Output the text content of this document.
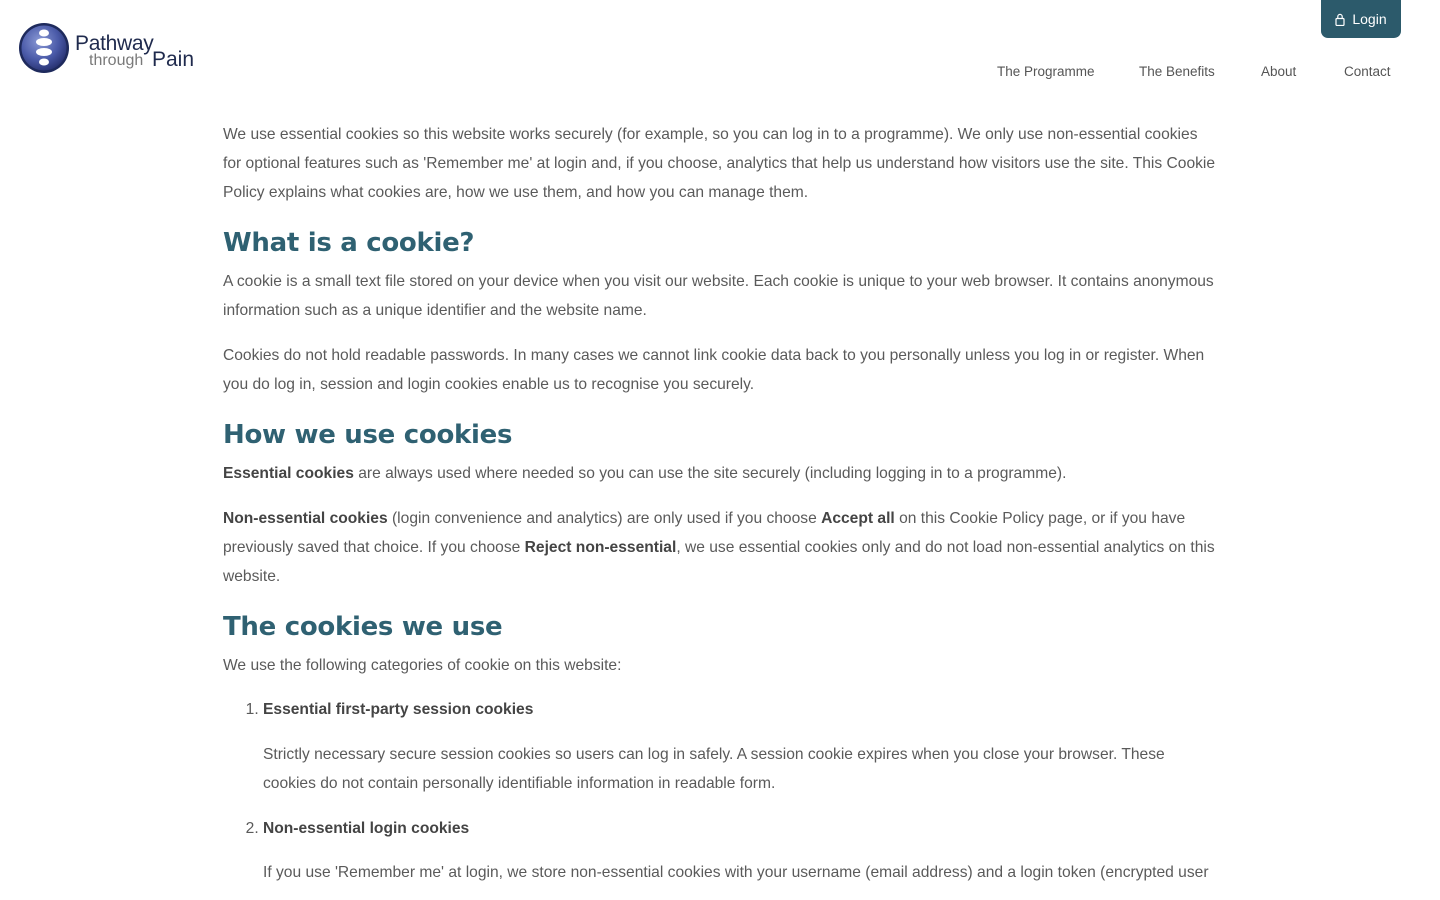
Pathway
through Pain
Login
The Programme	The Benefits	About	Contact

We use essential cookies so this website works securely (for example, so you can log in to a programme). We only use non-essential cookies for optional features such as 'Remember me' at login and, if you choose, analytics that help us understand how visitors use the site. This Cookie Policy explains what cookies are, how we use them, and how you can manage them.

What is a cookie?

A cookie is a small text file stored on your device when you visit our website. Each cookie is unique to your web browser. It contains anonymous information such as a unique identifier and the website name.

Cookies do not hold readable passwords. In many cases we cannot link cookie data back to you personally unless you log in or register. When you do log in, session and login cookies enable us to recognise you securely.

How we use cookies

Essential cookies are always used where needed so you can use the site securely (including logging in to a programme).

Non-essential cookies (login convenience and analytics) are only used if you choose Accept all on this Cookie Policy page, or if you have previously saved that choice. If you choose Reject non-essential, we use essential cookies only and do not load non-essential analytics on this website.

The cookies we use

We use the following categories of cookie on this website:

1. Essential first-party session cookies

Strictly necessary secure session cookies so users can log in safely. A session cookie expires when you close your browser. These cookies do not contain personally identifiable information in readable form.

2. Non-essential login cookies

If you use 'Remember me' at login, we store non-essential cookies with your username (email address) and a login token (encrypted user
